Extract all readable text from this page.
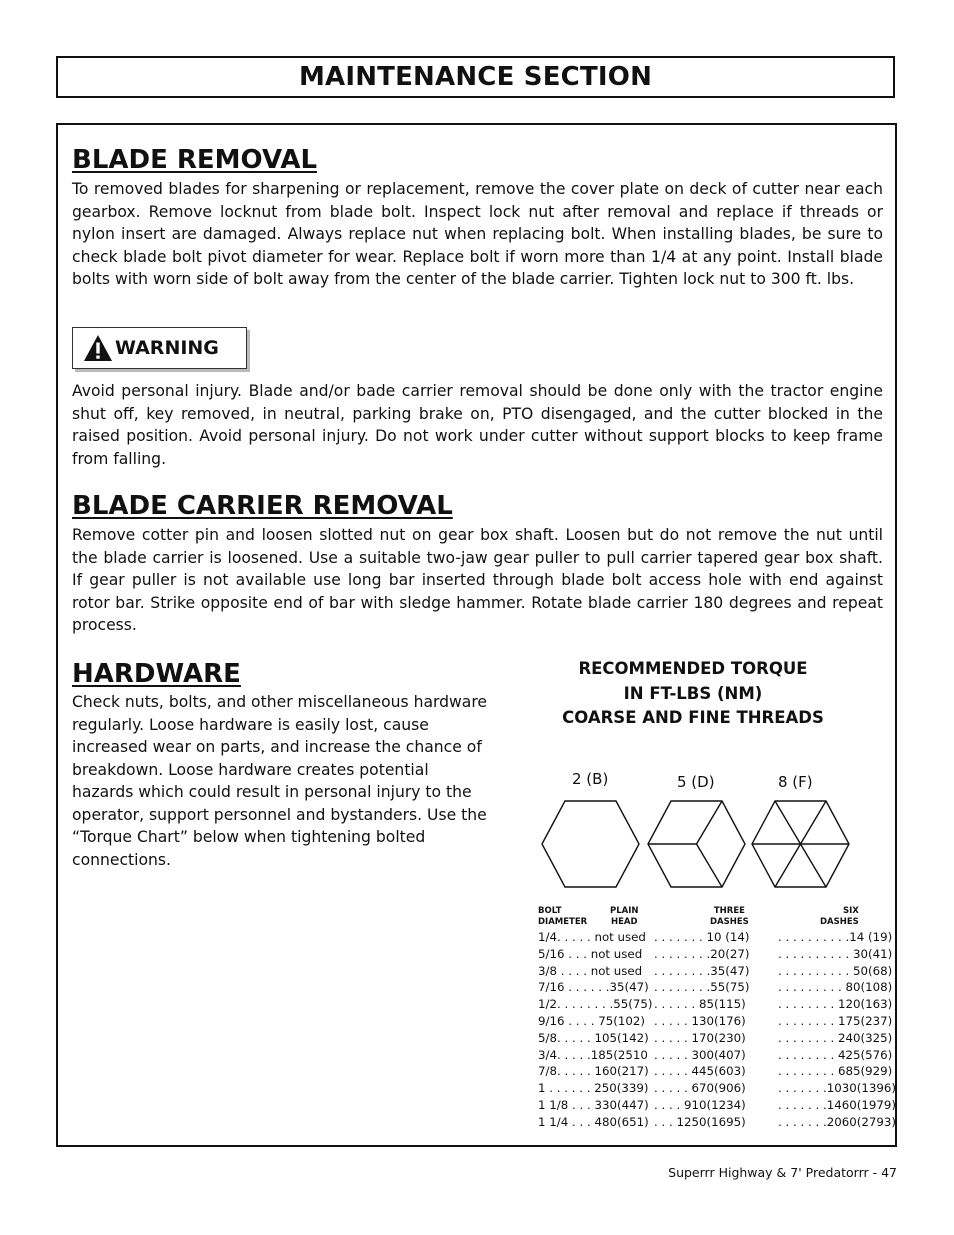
MAINTENANCE SECTION
BLADE REMOVAL
To removed blades for sharpening or replacement, remove the cover plate on deck of cutter near each gearbox. Remove locknut from blade bolt. Inspect lock nut after removal and replace if threads or nylon insert are damaged. Always replace nut when replacing bolt. When installing blades, be sure to check blade bolt pivot diameter for wear. Replace bolt if worn more than 1/4 at any point. Install blade bolts with worn side of bolt away from the center of the blade carrier. Tighten lock nut to 300 ft. lbs.
WARNING
Avoid personal injury. Blade and/or bade carrier removal should be done only with the tractor engine shut off, key removed, in neutral, parking brake on, PTO disengaged, and the cutter blocked in the raised position. Avoid personal injury. Do not work under cutter without support blocks to keep frame from falling.
BLADE CARRIER REMOVAL
Remove cotter pin and loosen slotted nut on gear box shaft. Loosen but do not remove the nut until the blade carrier is loosened. Use a suitable two-jaw gear puller to pull carrier tapered gear box shaft. If gear puller is not available use long bar inserted through blade bolt access hole with end against rotor bar. Strike opposite end of bar with sledge hammer. Rotate blade carrier 180 degrees and repeat process.
HARDWARE
Check nuts, bolts, and other miscellaneous hardware regularly. Loose hardware is easily lost, cause increased wear on parts, and increase the chance of breakdown. Loose hardware creates potential hazards which could result in personal injury to the operator, support personnel and bystanders. Use the “Torque Chart” below when tightening bolted connections.
RECOMMENDED TORQUE
IN FT-LBS (NM)
COARSE AND FINE THREADS
2 (B)	5 (D)	8 (F)
BOLT
DIAMETER
PLAIN
HEAD
THREE
DASHES
SIX
DASHES
1/4. . . . . not used . . . . . . . 10 (14) . . . . . . . . . .14 (19)
5/16 . . . not used . . . . . . . .20(27) . . . . . . . . . . 30(41)
3/8 . . . . not used . . . . . . . .35(47) . . . . . . . . . . 50(68)
7/16 . . . . . .35(47) . . . . . . . .55(75) . . . . . . . . . 80(108)
1/2. . . . . . . .55(75) . . . . . . 85(115)	. . . . . . . . 120(163)
9/16 . . . . 75(102) . . . . . 130(176)	. . . . . . . . 175(237)
5/8. . . . . 105(142) . . . . . 170(230)	. . . . . . . . 240(325)
3/4. . . . .185(2510 . . . . . 300(407)	. . . . . . . . 425(576)
7/8. . . . . 160(217) . . . . . 445(603)	. . . . . . . . 685(929)
1 . . . . . . 250(339) . . . . . 670(906)	. . . . . . .1030(1396)
1 1/8 . . . 330(447) . . . . 910(1234)	. . . . . . .1460(1979)
1 1/4 . . . 480(651) . . . 1250(1695)	. . . . . . .2060(2793)
Superrr Highway & 7' Predatorrr - 47
